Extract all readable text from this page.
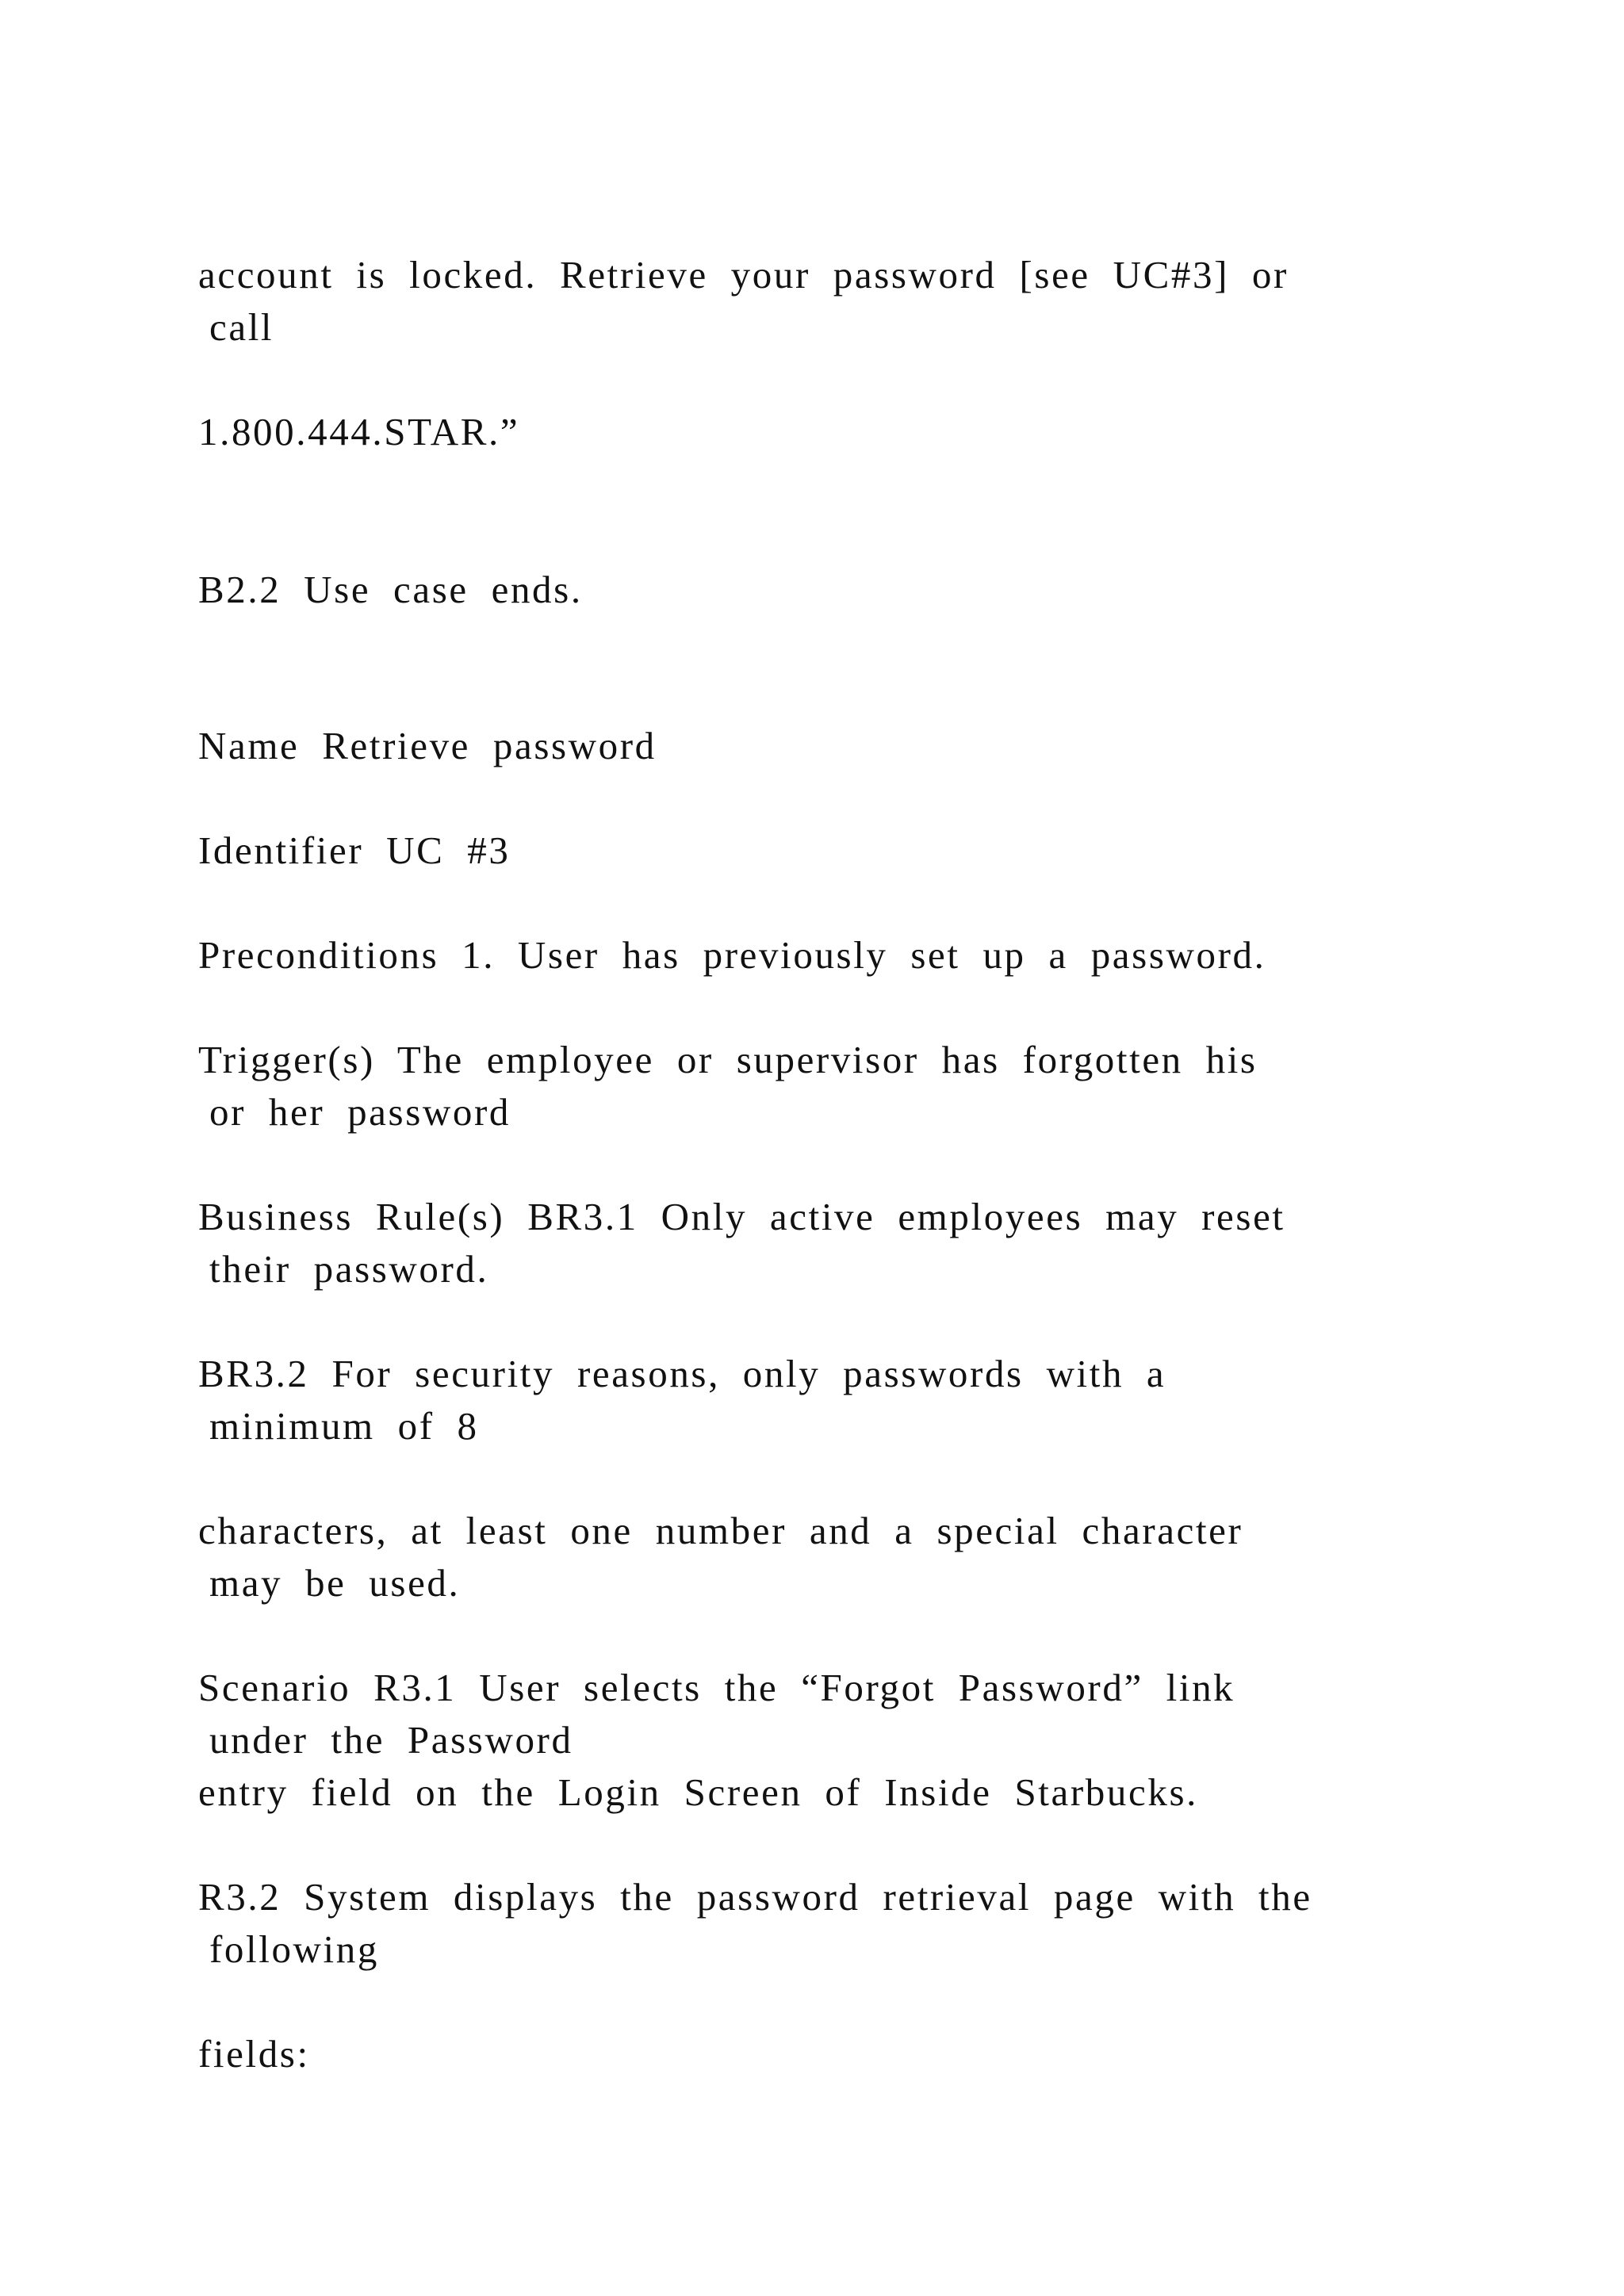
account is locked. Retrieve your password [see UC#3] or

call

1.800.444.STAR.”

B2.2 Use case ends.

Name Retrieve password

Identifier UC #3

Preconditions 1. User has previously set up a password.

Trigger(s) The employee or supervisor has forgotten his

or her password

Business Rule(s) BR3.1 Only active employees may reset

their password.

BR3.2 For security reasons, only passwords with a

minimum of 8

characters, at least one number and a special character

may be used.

Scenario R3.1 User selects the “Forgot Password” link

under the Password

entry field on the Login Screen of Inside Starbucks.

R3.2 System displays the password retrieval page with the

following

fields:
